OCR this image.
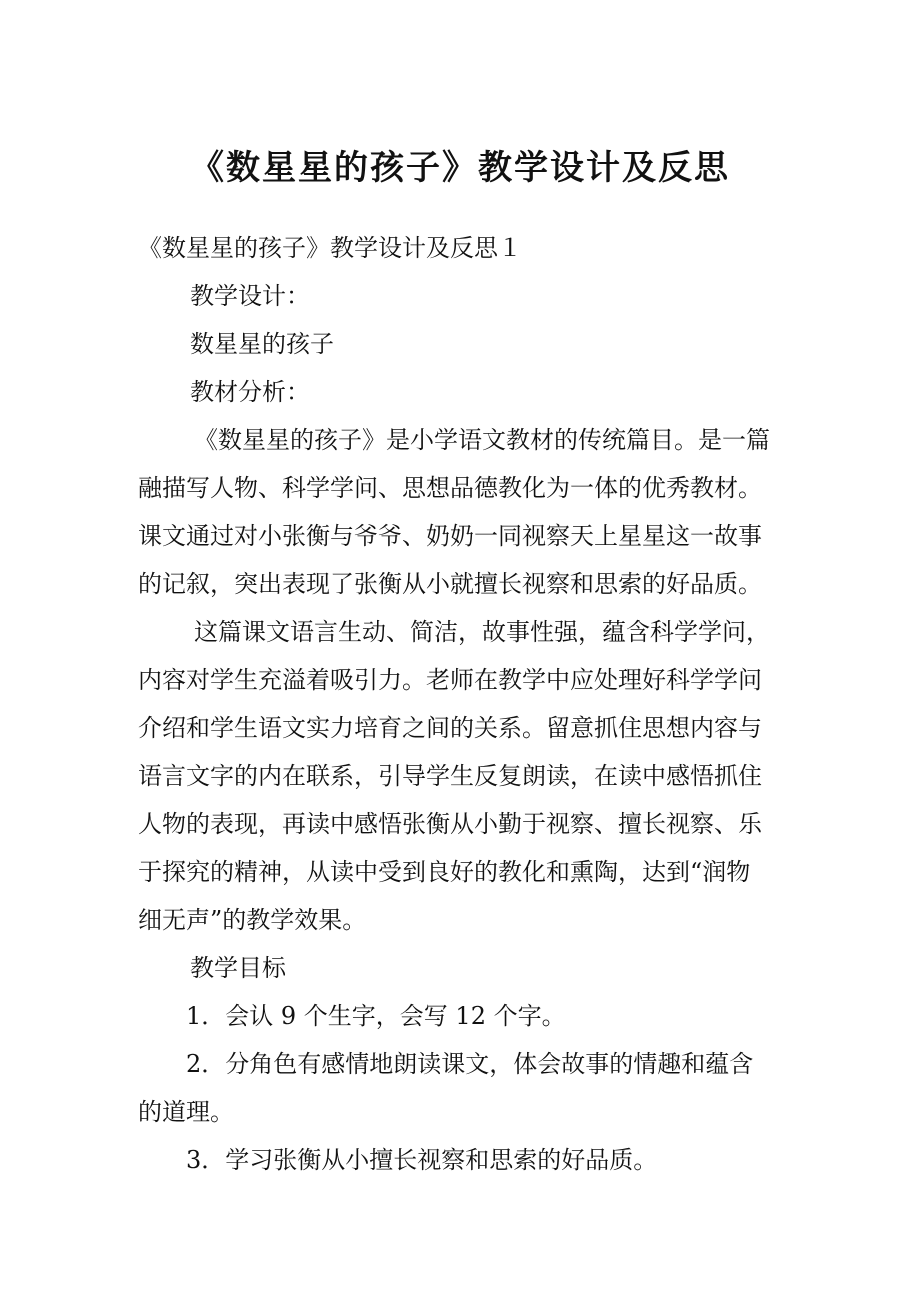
《数星星的孩子》教学设计及反思
《数星星的孩子》教学设计及反思１
教学设计：
数星星的孩子
教材分析：
《数星星的孩子》是小学语文教材的传统篇目。是一篇
融描写人物、科学学问、思想品德教化为一体的优秀教材。
课文通过对小张衡与爷爷、奶奶一同视察天上星星这一故事
的记叙，突出表现了张衡从小就擅长视察和思索的好品质。
这篇课文语言生动、简洁，故事性强，蕴含科学学问，
内容对学生充溢着吸引力。老师在教学中应处理好科学学问
介绍和学生语文实力培育之间的关系。留意抓住思想内容与
语言文字的内在联系，引导学生反复朗读，在读中感悟抓住
人物的表现，再读中感悟张衡从小勤于视察、擅长视察、乐
于探究的精神，从读中受到良好的教化和熏陶，达到“润物
细无声”的教学效果。
教学目标
1．会认 9 个生字，会写 12 个字。
2．分角色有感情地朗读课文，体会故事的情趣和蕴含
的道理。
3．学习张衡从小擅长视察和思索的好品质。
